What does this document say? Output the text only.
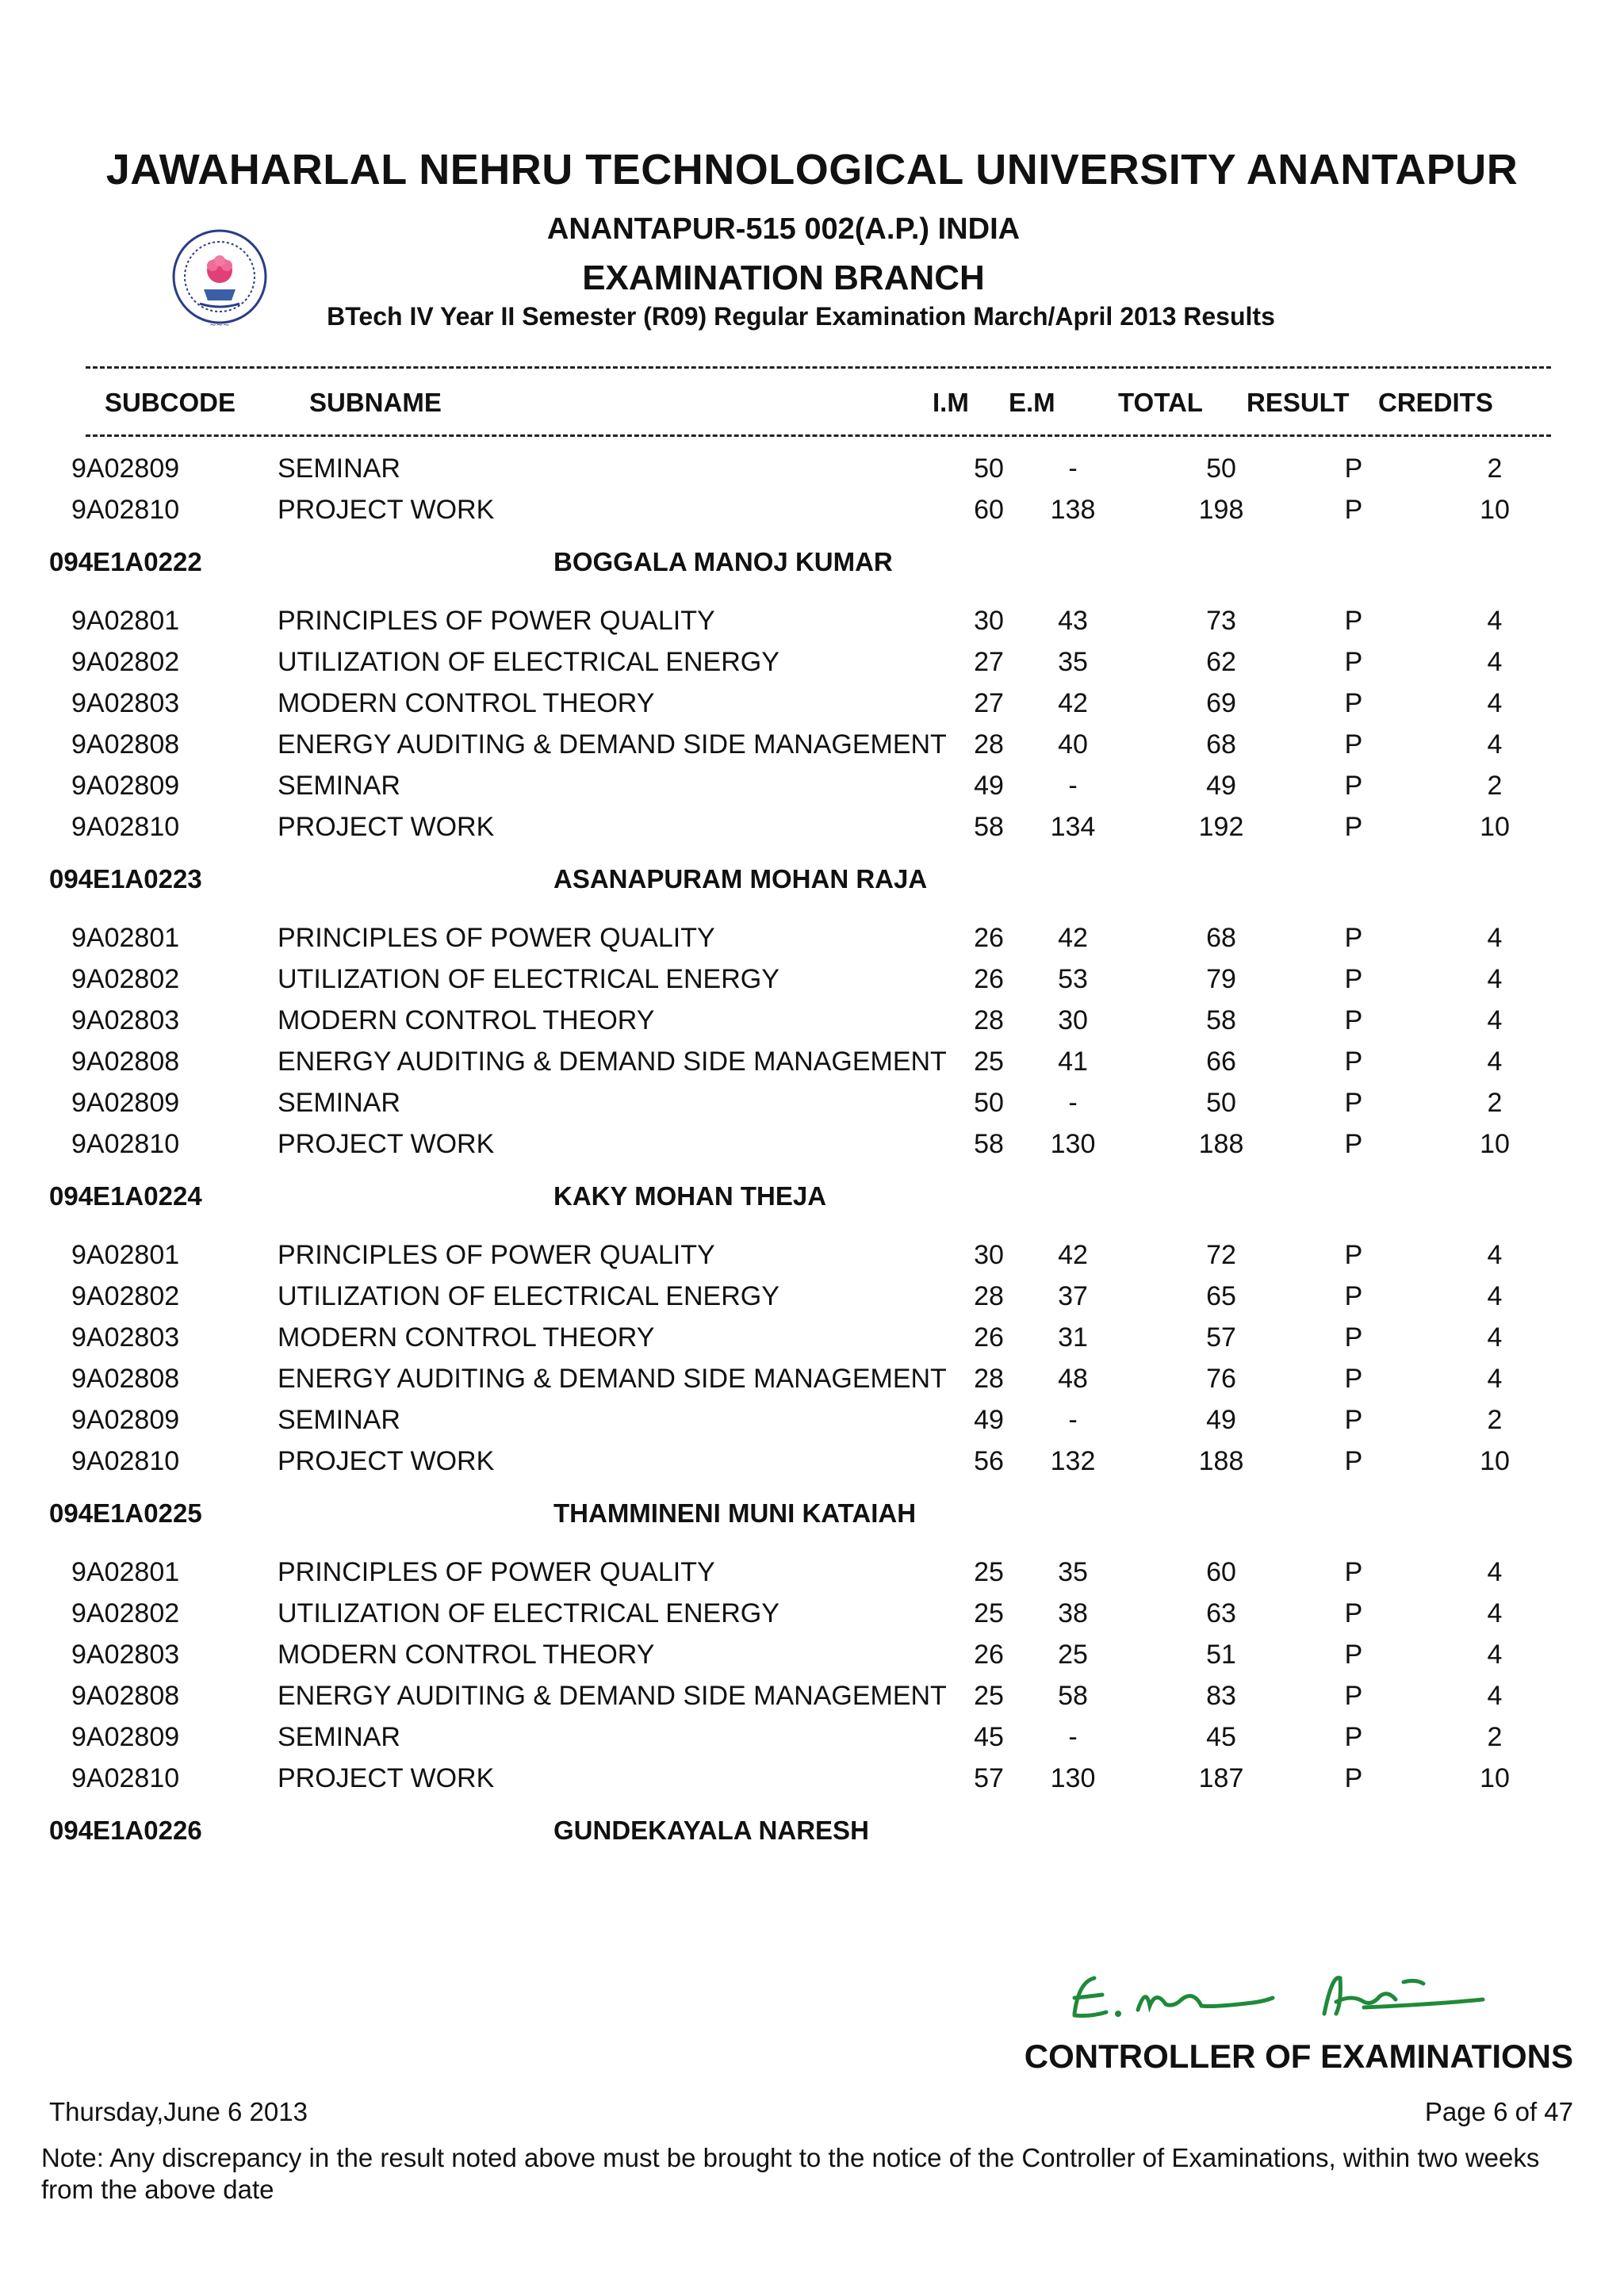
JAWAHARLAL NEHRU TECHNOLOGICAL UNIVERSITY ANANTAPUR
~~~
ANANTAPUR-515 002(A.P.) INDIA
EXAMINATION BRANCH
BTech IV Year II Semester (R09) Regular Examination March/April 2013 Results
SUBCODE	SUBNAME	I.M E.M TOTAL RESULT CREDITS
9A02809	SEMINAR	50	-	50	P	2
9A02810	PROJECT WORK	60	138	198	P	10
094E1A0222	BOGGALA MANOJ KUMAR
9A02801	PRINCIPLES OF POWER QUALITY	30	43	73	P	4
9A02802	UTILIZATION OF ELECTRICAL ENERGY	27	35	62	P	4
9A02803	MODERN CONTROL THEORY	27	42	69	P	4
9A02808	ENERGY AUDITING & DEMAND SIDE MANAGEMENT	28	40	68	P	4
9A02809	SEMINAR	49	-	49	P	2
9A02810	PROJECT WORK	58	134	192	P	10
094E1A0223	ASANAPURAM MOHAN RAJA
9A02801	PRINCIPLES OF POWER QUALITY	26	42	68	P	4
9A02802	UTILIZATION OF ELECTRICAL ENERGY	26	53	79	P	4
9A02803	MODERN CONTROL THEORY	28	30	58	P	4
9A02808	ENERGY AUDITING & DEMAND SIDE MANAGEMENT	25	41	66	P	4
9A02809	SEMINAR	50	-	50	P	2
9A02810	PROJECT WORK	58	130	188	P	10
094E1A0224	KAKY MOHAN THEJA
9A02801	PRINCIPLES OF POWER QUALITY	30	42	72	P	4
9A02802	UTILIZATION OF ELECTRICAL ENERGY	28	37	65	P	4
9A02803	MODERN CONTROL THEORY	26	31	57	P	4
9A02808	ENERGY AUDITING & DEMAND SIDE MANAGEMENT	28	48	76	P	4
9A02809	SEMINAR	49	-	49	P	2
9A02810	PROJECT WORK	56	132	188	P	10
094E1A0225	THAMMINENI MUNI KATAIAH
9A02801	PRINCIPLES OF POWER QUALITY	25	35	60	P	4
9A02802	UTILIZATION OF ELECTRICAL ENERGY	25	38	63	P	4
9A02803	MODERN CONTROL THEORY	26	25	51	P	4
9A02808	ENERGY AUDITING & DEMAND SIDE MANAGEMENT	25	58	83	P	4
9A02809	SEMINAR	45	-	45	P	2
9A02810	PROJECT WORK	57	130	187	P	10
094E1A0226	GUNDEKAYALA NARESH
CONTROLLER OF EXAMINATIONS
Thursday,June 6 2013	Page 6 of 47
Note: Any discrepancy in the result noted above must be brought to the notice of the Controller of Examinations, within two weeks from the above date
